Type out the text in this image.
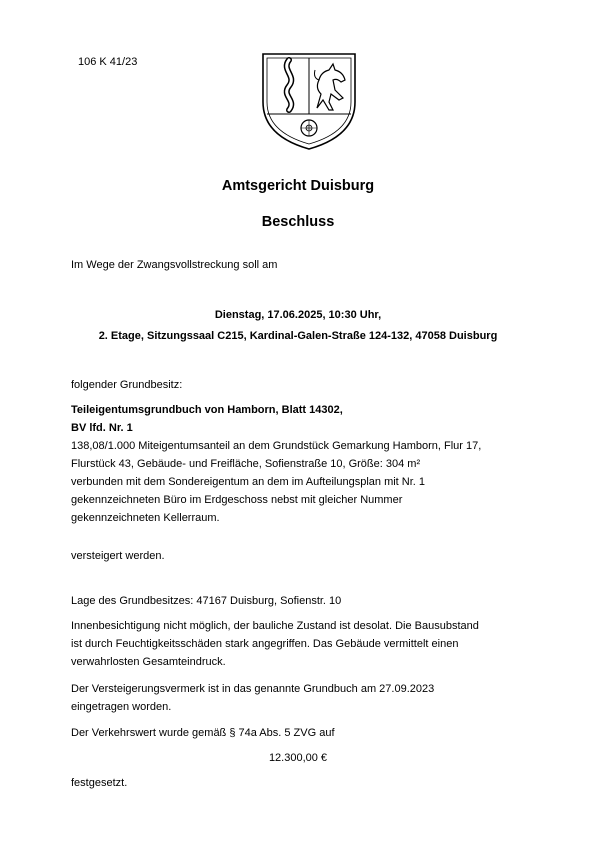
106 K 41/23
Amtsgericht Duisburg
Beschluss
Im Wege der Zwangsvollstreckung soll am
Dienstag, 17.06.2025, 10:30 Uhr,
2. Etage, Sitzungssaal C215, Kardinal-Galen-Straße 124-132, 47058 Duisburg
folgender Grundbesitz:
Teileigentumsgrundbuch von Hamborn, Blatt 14302,
BV lfd. Nr. 1
138,08/1.000 Miteigentumsanteil an dem Grundstück Gemarkung Hamborn, Flur 17,
Flurstück 43, Gebäude- und Freifläche, Sofienstraße 10, Größe: 304 m²
verbunden mit dem Sondereigentum an dem im Aufteilungsplan mit Nr. 1
gekennzeichneten Büro im Erdgeschoss nebst mit gleicher Nummer
gekennzeichneten Kellerraum.
versteigert werden.
Lage des Grundbesitzes: 47167 Duisburg, Sofienstr. 10
Innenbesichtigung nicht möglich, der bauliche Zustand ist desolat. Die Bausubstand
ist durch Feuchtigkeitsschäden stark angegriffen. Das Gebäude vermittelt einen
verwahrlosten Gesamteindruck.
Der Versteigerungsvermerk ist in das genannte Grundbuch am 27.09.2023
eingetragen worden.
Der Verkehrswert wurde gemäß § 74a Abs. 5 ZVG auf
12.300,00 €
festgesetzt.
